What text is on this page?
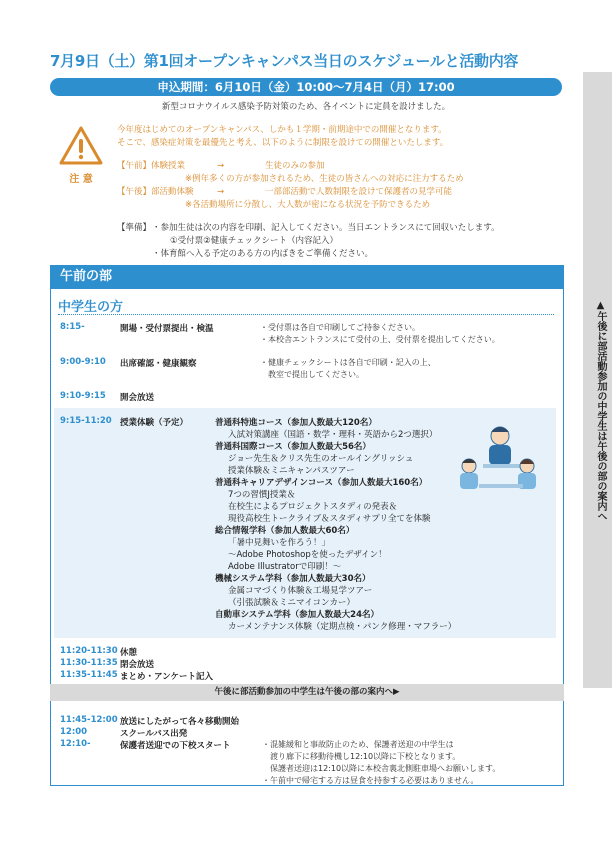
▲午後に部活動参加の中学生は午後の部の案内へ
7月9日（土）第1回オープンキャンパス当日のスケジュールと活動内容
申込期間：6月10日（金）10:00〜7月4日（月）17:00
新型コロナウイルス感染予防対策のため、各イベントに定員を設けました。
注 意
今年度はじめてのオープンキャンパス、しかも１学期・前期途中での開催となります。
そこで、感染症対策を最優先と考え、以下のように制限を設けての開催といたします。
【午前】体験授業	→	生徒のみの参加
※例年多くの方が参加されるため、生徒の皆さんへの対応に注力するため
【午後】部活動体験	→	一部部活動で人数制限を設けて保護者の見学可能
※各活動場所に分散し、大人数が密になる状況を予防できるため
【準備】 ・参加生徒は次の内容を印刷、記入してください。当日エントランスにて回収いたします。
①受付票②健康チェックシート（内容記入）
・体育館へ入る予定のある方の内ばきをご準備ください。
午前の部
中学生の方
8:15-	開場・受付票提出・検温	・受付票は各自で印刷してご持参ください。
・本校舎エントランスにて受付の上、受付票を提出してください。
9:00-9:10 出席確認・健康観察	・健康チェックシートは各自で印刷・記入の上、
　教室で提出してください。
9:10-9:15 開会放送
9:15-11:20 授業体験（予定）	普通科特進コース（参加人数最大120名）
入試対策講座（国語・数学・理科・英語から2つ選択）
普通科国際コース（参加人数最大56名）
ジョー先生＆クリス先生のオールイングリッシュ
授業体験＆ミニキャンパスツアー
普通科キャリアデザインコース（参加人数最大160名）
7つの習慣J授業＆
在校生によるプロジェクトスタディの発表＆
現役高校生トークライブ＆スタディサプリ全てを体験
総合情報学科（参加人数最大60名）
「暑中見舞いを作ろう！」
〜Adobe Photoshopを使ったデザイン！
Adobe Illustratorで印刷！〜
機械システム学科（参加人数最大30名）
金属コマづくり体験＆工場見学ツアー
（引張試験＆ミニマイコンカー）
自動車システム学科（参加人数最大24名）
カーメンテナンス体験（定期点検・パンク修理・マフラー）
11:20-11:30 休憩
11:30-11:35 閉会放送
11:35-11:45 まとめ・アンケート記入
午後に部活動参加の中学生は午後の部の案内へ▶
11:45-12:00 放送にしたがって各々移動開始
12:00	スクールバス出発
12:10-	保護者送迎での下校スタート	・混雑緩和と事故防止のため、保護者送迎の中学生は
　渡り廊下に移動待機し12:10以降に下校となります。
　保護者送迎は12:10以降に本校舎裏北側駐車場へお願いします。
・午前中で帰宅する方は昼食を持参する必要はありません。
